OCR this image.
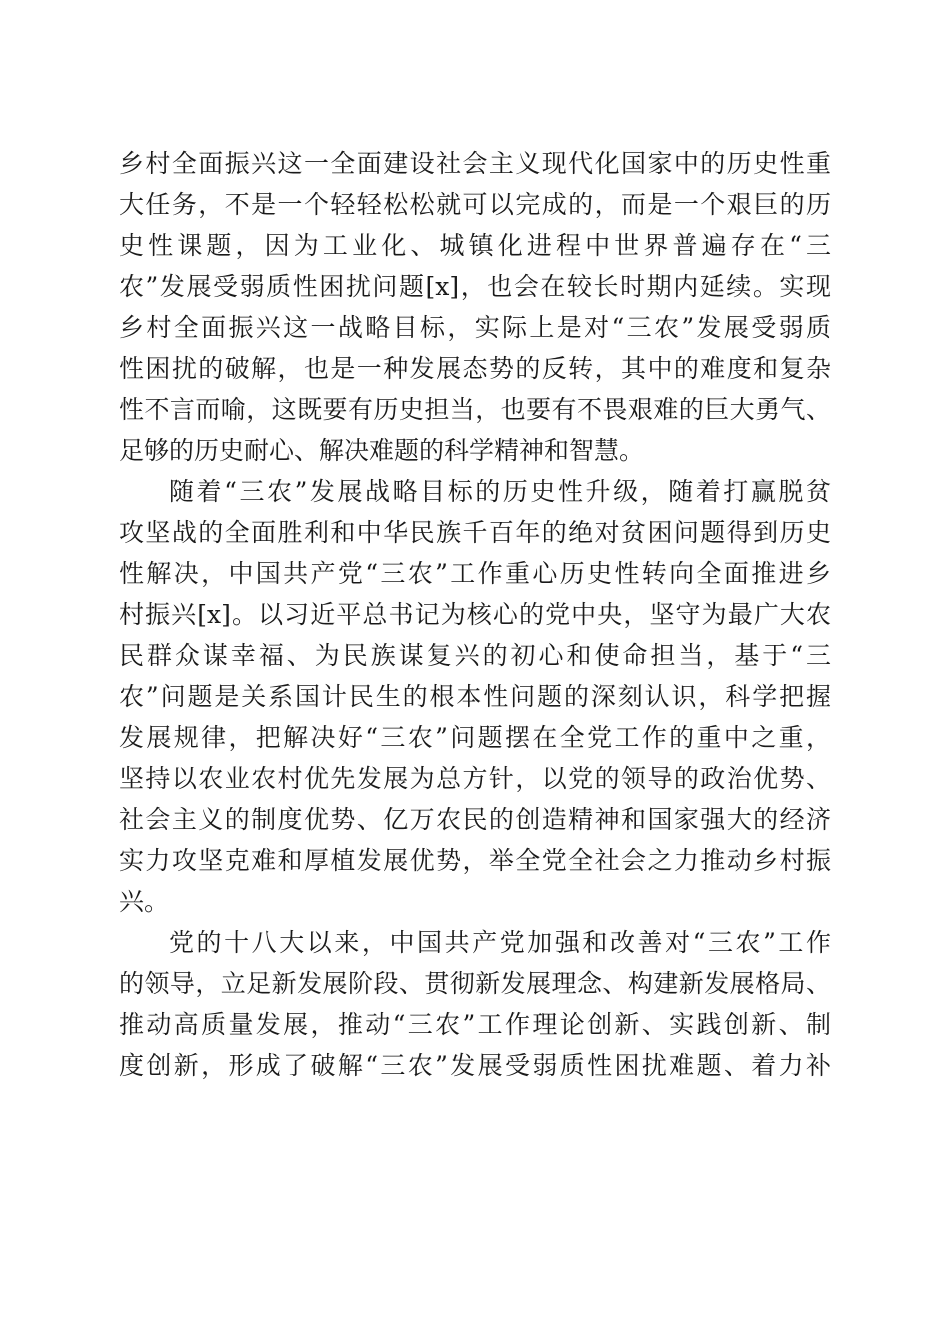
乡村全面振兴这一全面建设社会主义现代化国家中的历史性重
大任务，不是一个轻轻松松就可以完成的，而是一个艰巨的历
史性课题，因为工业化、城镇化进程中世界普遍存在“三
农”发展受弱质性困扰问题[x]，也会在较长时期内延续。实现
乡村全面振兴这一战略目标，实际上是对“三农”发展受弱质
性困扰的破解，也是一种发展态势的反转，其中的难度和复杂
性不言而喻，这既要有历史担当，也要有不畏艰难的巨大勇气、
足够的历史耐心、解决难题的科学精神和智慧。
随着“三农”发展战略目标的历史性升级，随着打赢脱贫
攻坚战的全面胜利和中华民族千百年的绝对贫困问题得到历史
性解决，中国共产党“三农”工作重心历史性转向全面推进乡
村振兴[x]。以习近平总书记为核心的党中央，坚守为最广大农
民群众谋幸福、为民族谋复兴的初心和使命担当，基于“三
农”问题是关系国计民生的根本性问题的深刻认识，科学把握
发展规律，把解决好“三农”问题摆在全党工作的重中之重，
坚持以农业农村优先发展为总方针，以党的领导的政治优势、
社会主义的制度优势、亿万农民的创造精神和国家强大的经济
实力攻坚克难和厚植发展优势，举全党全社会之力推动乡村振
兴。
党的十八大以来，中国共产党加强和改善对“三农”工作
的领导，立足新发展阶段、贯彻新发展理念、构建新发展格局、
推动高质量发展，推动“三农”工作理论创新、实践创新、制
度创新，形成了破解“三农”发展受弱质性困扰难题、着力补
